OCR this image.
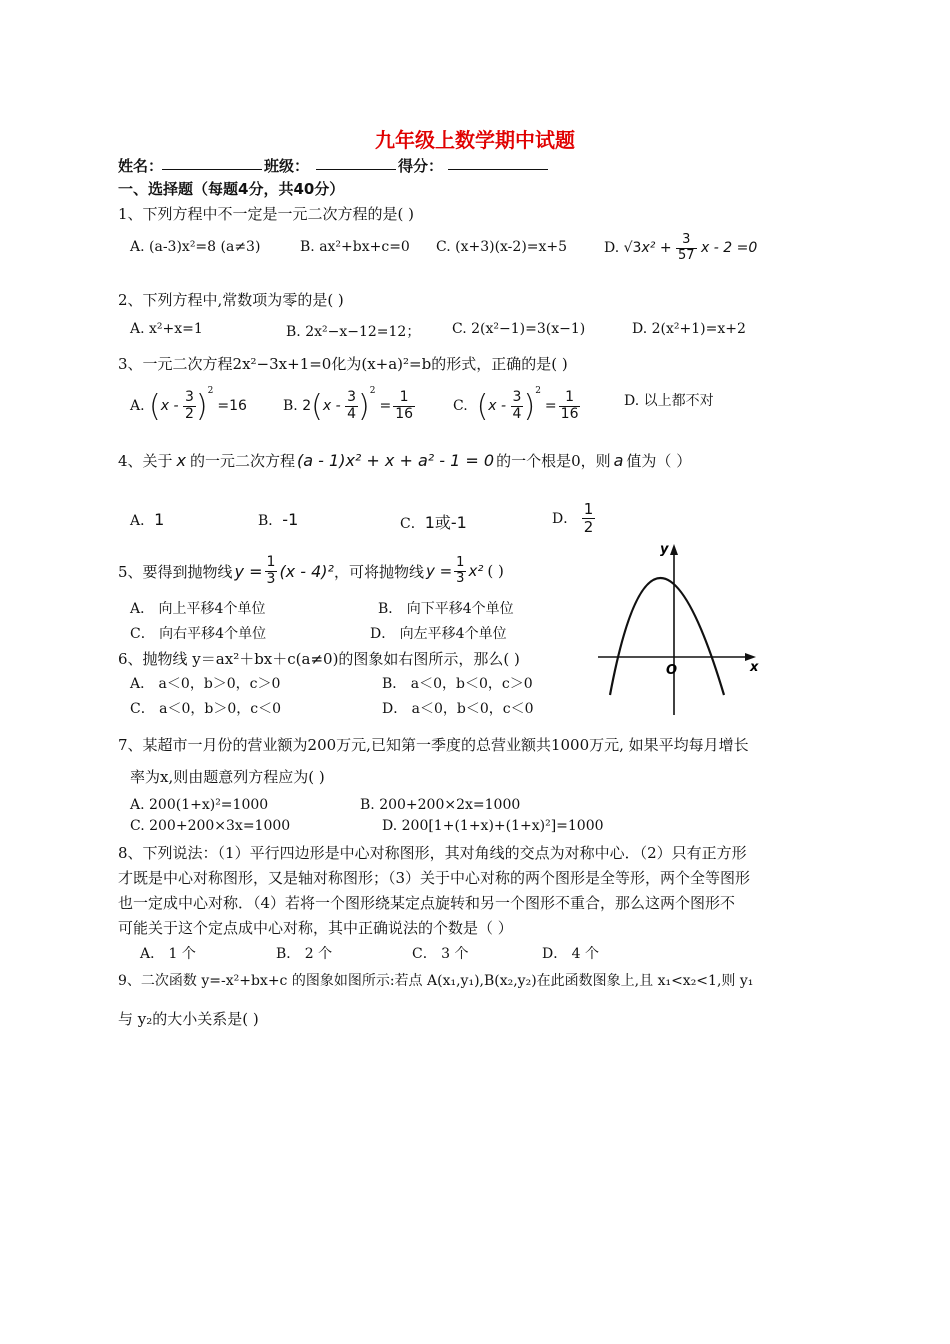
九年级上数学期中试题
姓名：	班级：	得分：
一、选择题（每题4分，共40分）
1、下列方程中不一定是一元二次方程的是( )
A. (a-3)x²=8 (a≠3)	B. ax²+bx+c=0 C. (x+3)(x-2)=x+5	D.
√3 x² +
$\frac{3}{57}$
x - 2 =0
2、下列方程中,常数项为零的是( )
A. x²+x=1	B. 2x²−x−12=12； C. 2(x²−1)=3(x−1)	D. 2(x²+1)=x+2
3、一元二次方程2x²−3x+1=0化为(x+a)²=b的形式，正确的是( )
A.
( x -
$\frac{3}{2}$ ) 2
=16	B.
2 ( x -
$\frac{3}{4}$ ) 2
= $\frac{1}{16}$	C.
( x -
$\frac{3}{4}$ ) 2
= $\frac{1}{16}$	D. 以上都不对
4、关于 x 的一元二次方程 (a - 1)x² + x + a² - 1 = 0 的一个根是0，则 a 值为（ ）
A．1	B．-1	C．1或-1	D．
$\frac{1}{2}$
5、要得到抛物线 $y = \frac{1}{3} (x - 4)^2$ ，可将抛物线 $y = \frac{1}{3} x^2$ ( )
A． 向上平移4个单位	B． 向下平移4个单位
C． 向右平移4个单位	D． 向左平移4个单位
6、抛物线 y＝ax²＋bx＋c(a≠0)的图象如右图所示，那么( )
A． a＜0，b＞0，c＞0	B． a＜0，b＜0，c＞0
C． a＜0，b＞0，c＜0	D． a＜0，b＜0，c＜0
y
x
O
7、某超市一月份的营业额为200万元,已知第一季度的总营业额共1000万元, 如果平均每月增长
率为x,则由题意列方程应为( )
A. 200(1+x)²=1000	B. 200+200×2x=1000
C. 200+200×3x=1000	D. 200[1+(1+x)+(1+x)²]=1000
8、下列说法：（1）平行四边形是中心对称图形，其对角线的交点为对称中心．（2）只有正方形
才既是中心对称图形，又是轴对称图形；（3）关于中心对称的两个图形是全等形，两个全等图形
也一定成中心对称．（4）若将一个图形绕某定点旋转和另一个图形不重合，那么这两个图形不
可能关于这个定点成中心对称，其中正确说法的个数是（ ）
A． 1 个	B． 2 个	C． 3 个	D． 4 个
9、二次函数 y=-x²+bx+c 的图象如图所示:若点 A(x₁,y₁),B(x₂,y₂)在此函数图象上,且 x₁<x₂<1,则 y₁
与 y₂的大小关系是( )
